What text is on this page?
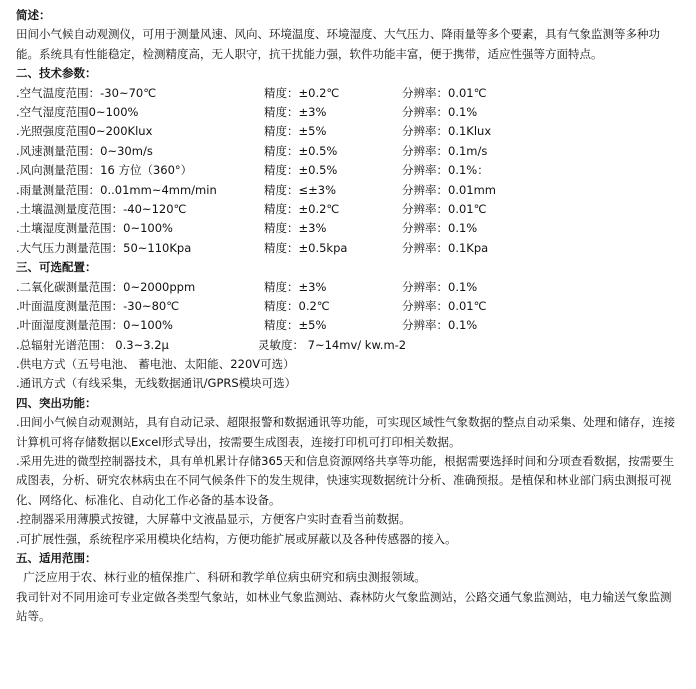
简述：
田间小气候自动观测仪，可用于测量风速、风向、环境温度、环境湿度、大气压力、降雨量等多个要素，具有气象监测等多种功能。系统具有性能稳定，检测精度高，无人职守，抗干扰能力强，软件功能丰富，便于携带，适应性强等方面特点。
二、技术参数：
.空气温度范围：-30~70℃	精度：±0.2℃	分辨率：0.01℃
.空气湿度范围0~100%	精度：±3%	分辨率：0.1%
.光照强度范围0~200Klux	精度：±5%	分辨率：0.1Klux
.风速测量范围：0~30m/s	精度：±0.5%	分辨率：0.1m/s
.风向测量范围：16 方位（360°）	精度：±0.5%	分辨率：0.1%：
.雨量测量范围：0..01mm~4mm/min	精度：≤±3%	分辨率：0.01mm
.土壤温测量度范围：-40~120℃	精度：±0.2℃	分辨率：0.01℃
.土壤湿度测量范围：0~100%	精度：±3%	分辨率：0.1%
.大气压力测量范围：50~110Kpa	精度：±0.5kpa	分辨率：0.1Kpa
三、可选配置：
.二氧化碳测量范围：0~2000ppm	精度：±3%	分辨率：0.1%
.叶面温度测量范围：-30~80℃	精度：0.2℃	分辨率：0.01℃
.叶面湿度测量范围：0~100%	精度：±5%	分辨率：0.1%
.总辐射光谱范围： 0.3~3.2μ	灵敏度： 7~14mv/ kw.m-2
.供电方式（五号电池、 蓄电池、太阳能、220V可选）
.通讯方式（有线采集，无线数据通讯/GPRS模块可选）
四、突出功能：
.田间小气候自动观测站，具有自动记录、超限报警和数据通讯等功能，可实现区域性气象数据的整点自动采集、处理和储存，连接计算机可将存储数据以Excel形式导出，按需要生成图表，连接打印机可打印相关数据。
.采用先进的微型控制器技术，具有单机累计存储365天和信息资源网络共享等功能，根据需要选择时间和分项查看数据，按需要生成图表，分析、研究农林病虫在不同气候条件下的发生规律，快速实现数据统计分析、准确预报。是植保和林业部门病虫测报可视化、网络化、标准化、自动化工作必备的基本设备。
.控制器采用薄膜式按键，大屏幕中文液晶显示，方便客户实时查看当前数据。
.可扩展性强，系统程序采用模块化结构，方便功能扩展或屏蔽以及各种传感器的接入。
五、适用范围：
广泛应用于农、林行业的植保推广、科研和教学单位病虫研究和病虫测报领域。
我司针对不同用途可专业定做各类型气象站，如林业气象监测站、森林防火气象监测站，公路交通气象监测站，电力输送气象监测站等。
